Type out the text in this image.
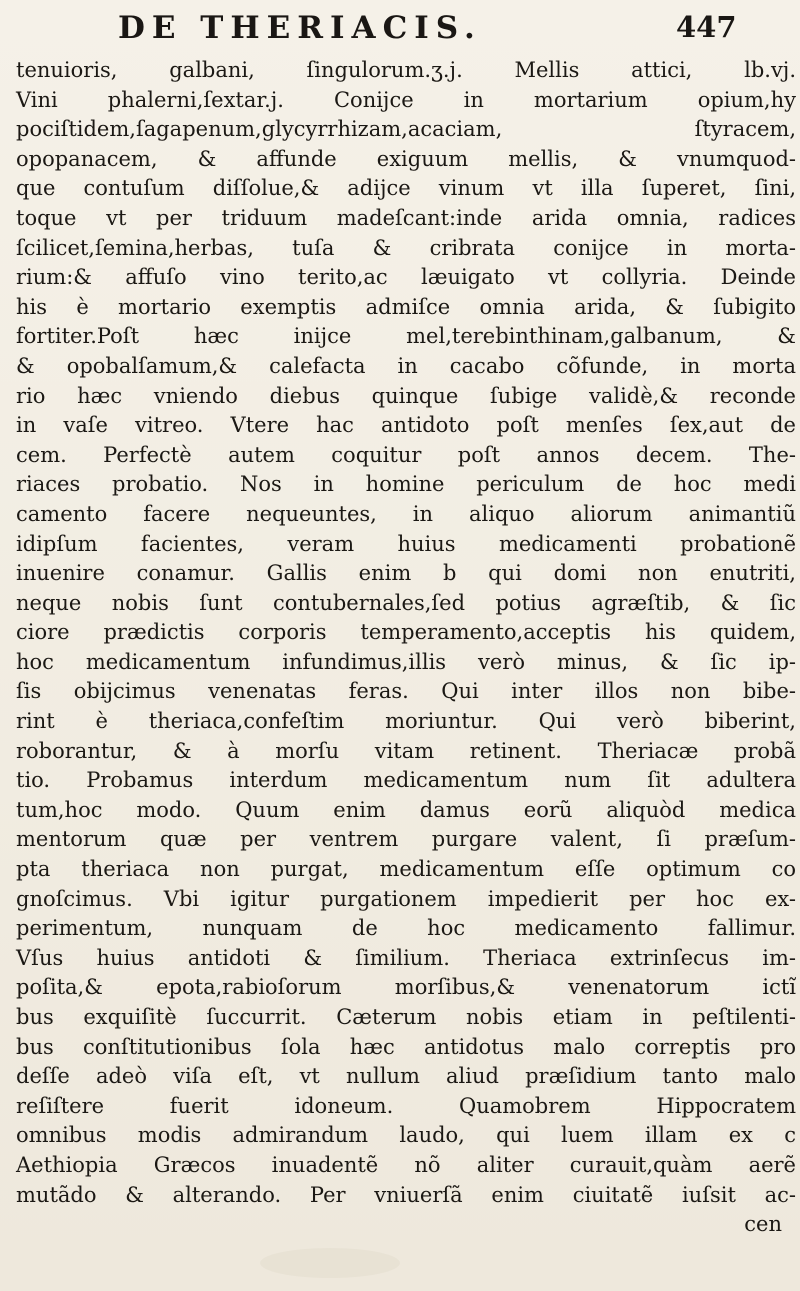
DE THERIACIS.	447
tenuioris, galbani, ſingulorum.ʒ.j. Mellis attici, lb.vj.
Vini phalerni,ſextar.j. Conijce in mortarium opium,hy
pociſtidem,ſagapenum,glycyrrhizam,acaciam, ſtyracem,
opopanacem, & affunde exiguum mellis, & vnumquod-
que contuſum diſſolue,& adijce vinum vt illa ſuperet, ſini,
toque vt per triduum madeſcant:inde arida omnia, radices
ſcilicet,ſemina,herbas, tuſa & cribrata conijce in morta-
rium:& affuſo vino terito,ac læuigato vt collyria. Deinde
his è mortario exemptis admiſce omnia arida, & ſubigito
fortiter.Poſt hæc inijce mel,terebinthinam,galbanum, &
& opobalſamum,& calefacta in cacabo cõfunde, in morta
rio hæc vniendo diebus quinque ſubige validè,& reconde
in vaſe vitreo. Vtere hac antidoto poſt menſes ſex,aut de
cem. Perfectè autem coquitur poſt annos decem. The-
riaces probatio. Nos in homine periculum de hoc medi
camento facere nequeuntes, in aliquo aliorum animantiũ
idipſum facientes, veram huius medicamenti probationẽ
inuenire conamur. Gallis enim b qui domi non enutriti,
neque nobis ſunt contubernales,ſed potius agræſtib, & ſic
ciore prædictis corporis temperamento,acceptis his quidem,
hoc medicamentum infundimus,illis verò minus, & ſic ip-
ſis obijcimus venenatas feras. Qui inter illos non bibe-
rint è theriaca,confeſtim moriuntur. Qui verò biberint,
roborantur, & à morſu vitam retinent. Theriacæ probã
tio. Probamus interdum medicamentum num ſit adultera
tum,hoc modo. Quum enim damus eorũ aliquòd medica
mentorum quæ per ventrem purgare valent, ſi præſum-
pta theriaca non purgat, medicamentum eſſe optimum co
gnoſcimus. Vbi igitur purgationem impedierit per hoc ex-
perimentum, nunquam de hoc medicamento fallimur.
Vſus huius antidoti & ſimilium. Theriaca extrinſecus im-
poſita,& epota,rabioſorum morſibus,& venenatorum ictĩ
bus exquiſitè ſuccurrit. Cæterum nobis etiam in peſtilenti-
bus conſtitutionibus ſola hæc antidotus malo correptis pro
deſſe adeò viſa eſt, vt nullum aliud præſidium tanto malo
reſiſtere fuerit idoneum. Quamobrem Hippocratem
omnibus modis admirandum laudo, qui luem illam ex c
Aethiopia Græcos inuadentẽ nõ aliter curauit,quàm aerẽ
mutãdo & alterando. Per vniuerſã enim ciuitatẽ iuſsit ac-
cen
